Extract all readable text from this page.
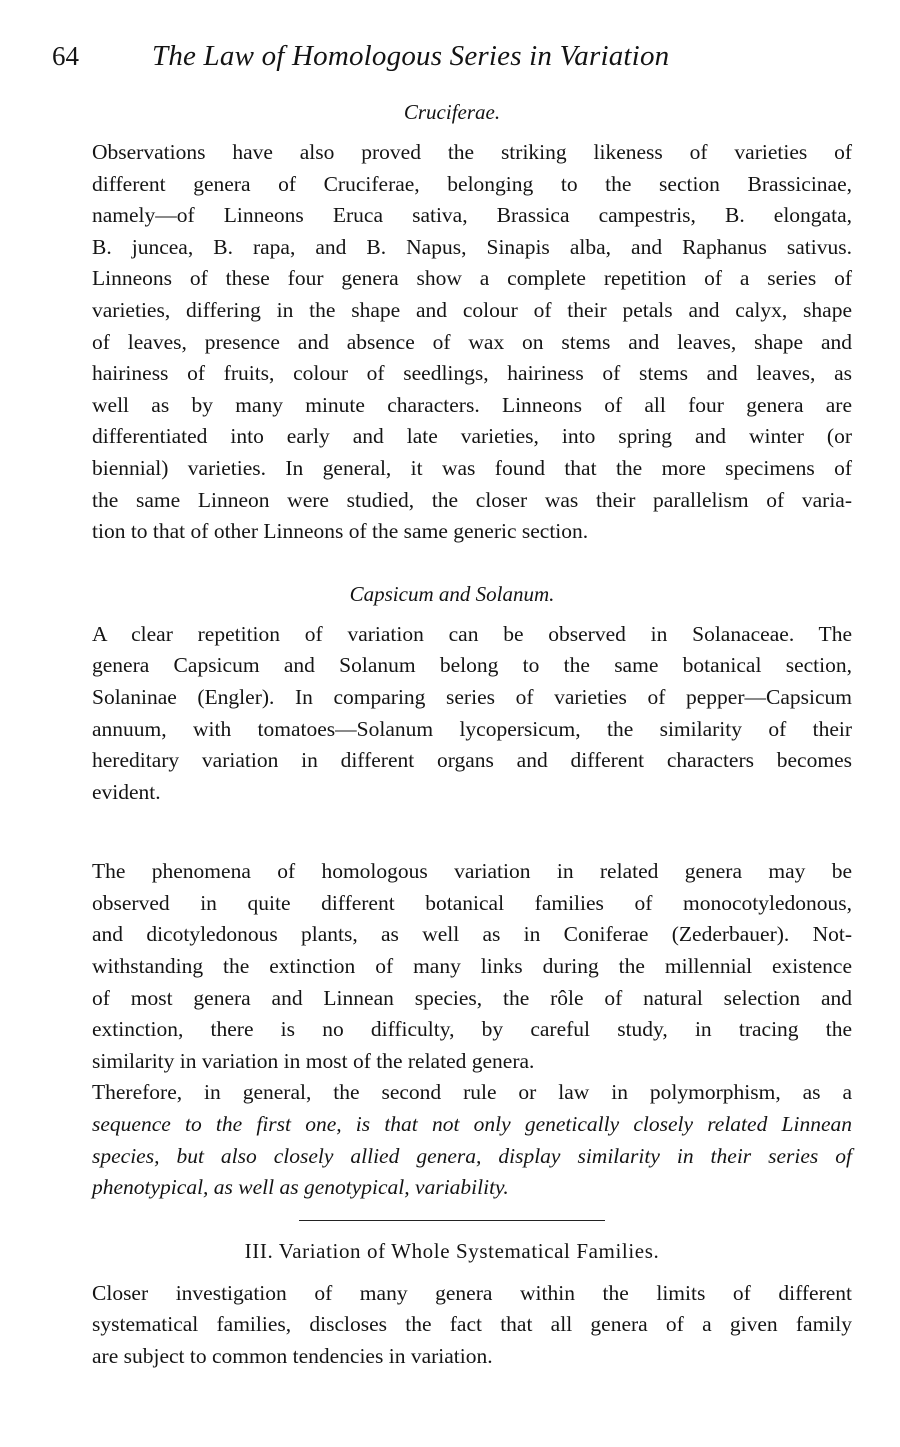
64	The Law of Homologous Series in Variation
Cruciferae.

Observations have also proved the striking likeness of varieties of
different genera of Cruciferae, belonging to the section Brassicinae,
namely—of Linneons Eruca sativa, Brassica campestris, B. elongata,
B. juncea, B. rapa, and B. Napus, Sinapis alba, and Raphanus sativus.
Linneons of these four genera show a complete repetition of a series of
varieties, differing in the shape and colour of their petals and calyx, shape
of leaves, presence and absence of wax on stems and leaves, shape and
hairiness of fruits, colour of seedlings, hairiness of stems and leaves, as
well as by many minute characters. Linneons of all four genera are
differentiated into early and late varieties, into spring and winter (or
biennial) varieties. In general, it was found that the more specimens of
the same Linneon were studied, the closer was their parallelism of varia-
tion to that of other Linneons of the same generic section.

Capsicum and Solanum.

A clear repetition of variation can be observed in Solanaceae. The
genera Capsicum and Solanum belong to the same botanical section,
Solaninae (Engler). In comparing series of varieties of pepper—Capsicum
annuum, with tomatoes—Solanum lycopersicum, the similarity of their
hereditary variation in different organs and different characters becomes
evident.

The phenomena of homologous variation in related genera may be
observed in quite different botanical families of monocotyledonous,
and dicotyledonous plants, as well as in Coniferae (Zederbauer). Not-
withstanding the extinction of many links during the millennial existence
of most genera and Linnean species, the rôle of natural selection and
extinction, there is no difficulty, by careful study, in tracing the
similarity in variation in most of the related genera.

Therefore, in general, the second rule or law in polymorphism, as a
sequence to the first one, is that not only genetically closely related Linnean
species, but also closely allied genera, display similarity in their series of
phenotypical, as well as genotypical, variability.

III. Variation of Whole Systematical Families.

Closer investigation of many genera within the limits of different
systematical families, discloses the fact that all genera of a given family
are subject to common tendencies in variation.
